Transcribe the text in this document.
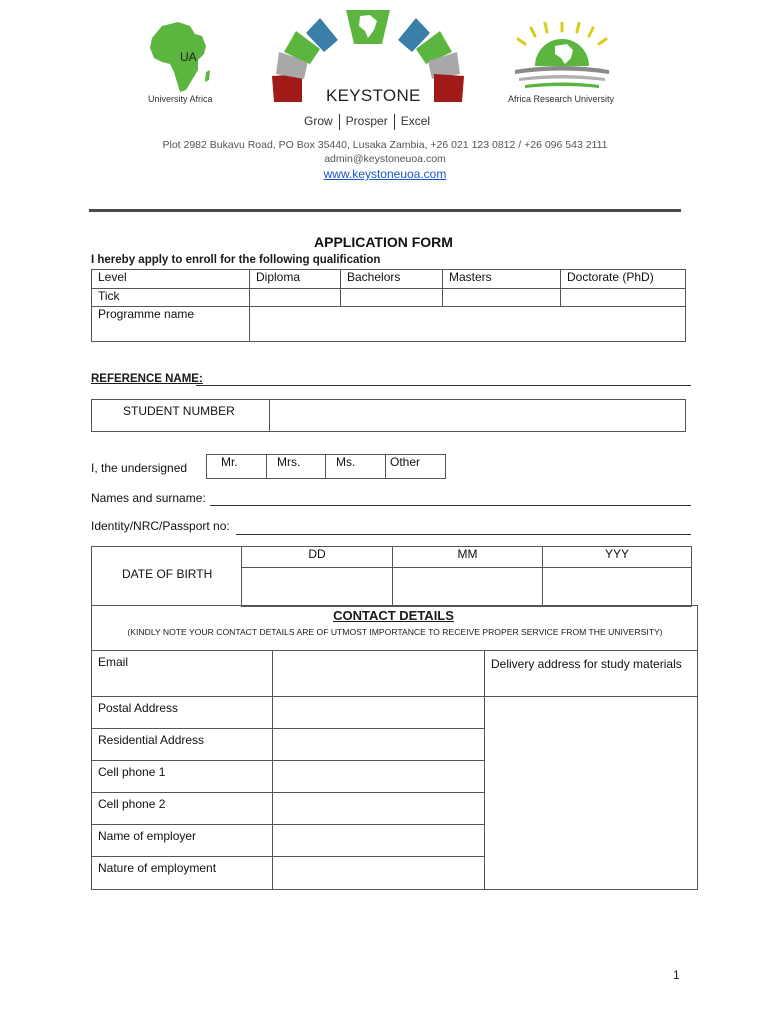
UA
University Africa	KEYSTONE
Grow Prosper Excel
Africa Research University
Plot 2982 Bukavu Road, PO Box 35440, Lusaka Zambia, +26 021 123 0812 / +26 096 543 2111
admin@keystoneuoa.com
www.keystoneuoa.com
APPLICATION FORM
I hereby apply to enroll for the following qualification
Level	Diploma	Bachelors	Masters	Doctorate (PhD)
Tick				
Programme name				
REFERENCE NAME:
STUDENT NUMBER	
I, the undersigned	Mr.	Mrs.	Ms.	Other
Names and surname:
Identity/NRC/Passport no:
DATE OF BIRTH
DD	MM	YYY

CONTACT DETAILS
(KINDLY NOTE YOUR CONTACT DETAILS ARE OF UTMOST IMPORTANCE TO RECEIVE PROPER SERVICE FROM THE UNIVERSITY)
Email		Delivery address for study materials
Postal Address		
Residential Address		
Cell phone 1		
Cell phone 2		
Name of employer		
Nature of employment		
1
